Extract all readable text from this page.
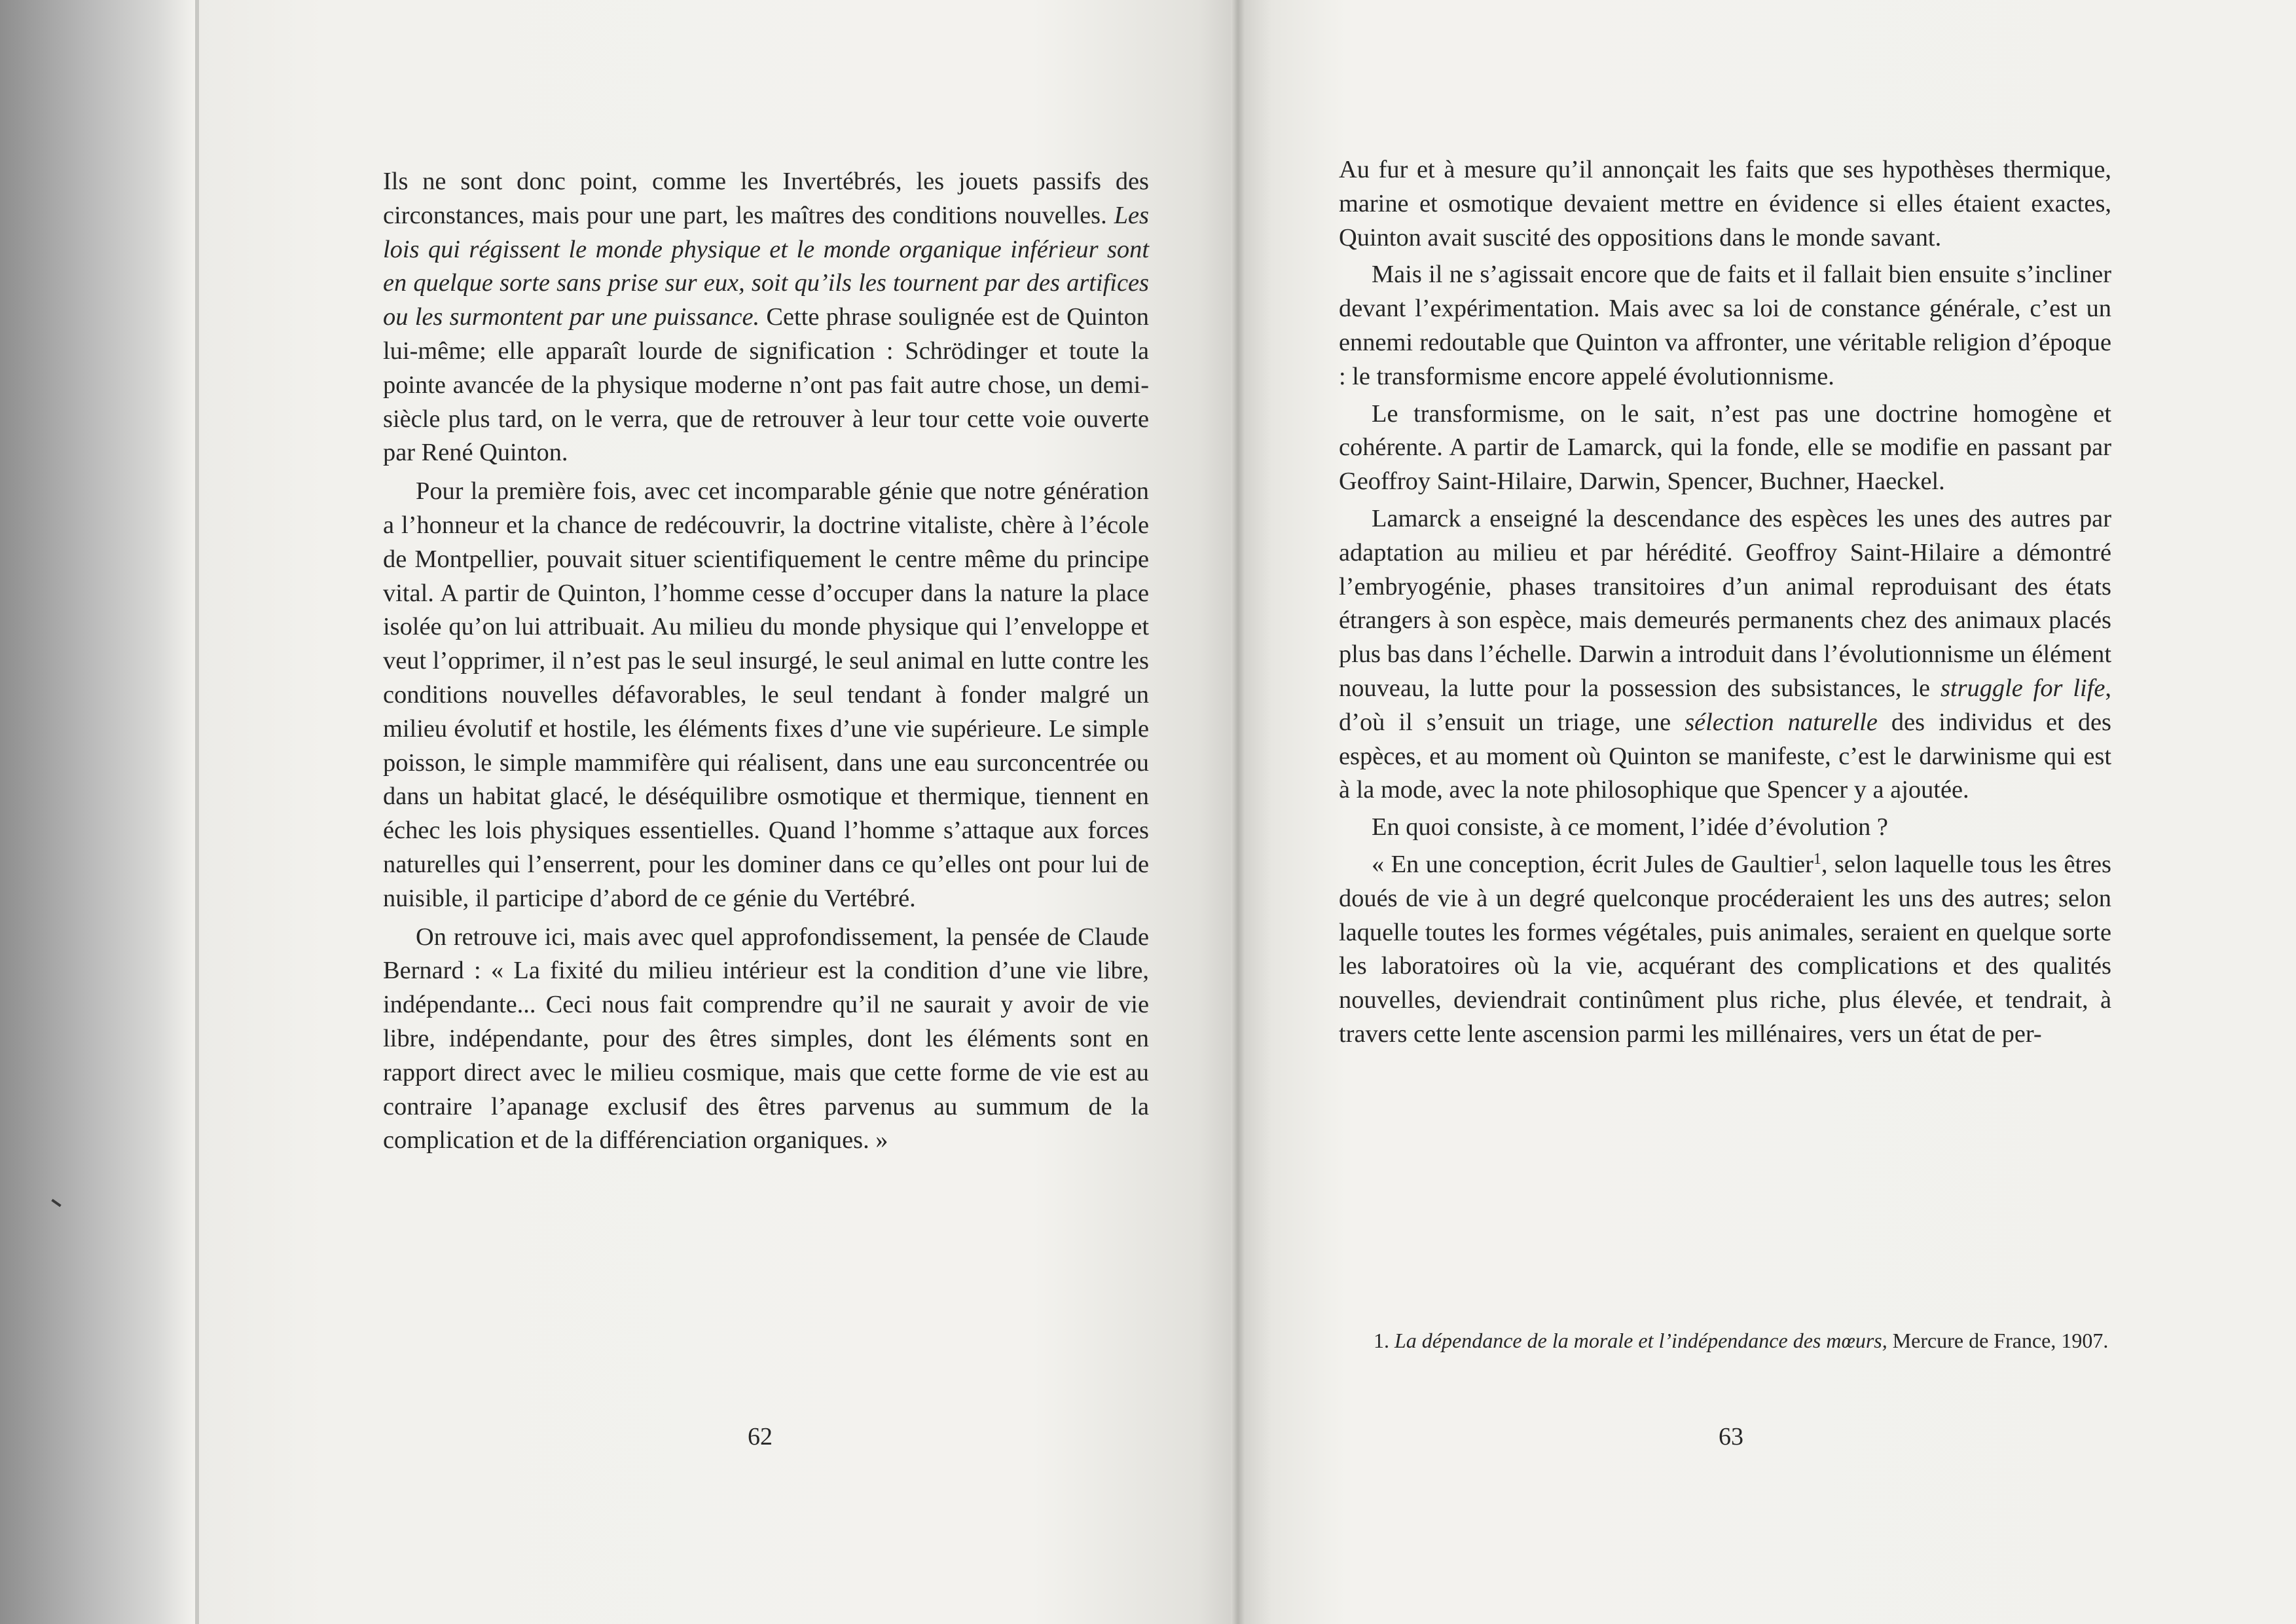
Ils ne sont donc point, comme les Invertébrés, les jouets passifs des circonstances, mais pour une part, les maîtres des conditions nouvelles. Les lois qui régissent le monde physique et le monde organique inférieur sont en quelque sorte sans prise sur eux, soit qu’ils les tournent par des artifices ou les surmontent par une puissance. Cette phrase soulignée est de Quinton lui-même; elle apparaît lourde de signification : Schrödinger et toute la pointe avancée de la physique moderne n’ont pas fait autre chose, un demi-siècle plus tard, on le verra, que de retrouver à leur tour cette voie ouverte par René Quinton.

Pour la première fois, avec cet incomparable génie que notre génération a l’honneur et la chance de redécouvrir, la doctrine vitaliste, chère à l’école de Montpellier, pouvait situer scientifiquement le centre même du principe vital. A partir de Quinton, l’homme cesse d’occuper dans la nature la place isolée qu’on lui attribuait. Au milieu du monde physique qui l’enveloppe et veut l’opprimer, il n’est pas le seul insurgé, le seul animal en lutte contre les conditions nouvelles défavorables, le seul tendant à fonder malgré un milieu évolutif et hostile, les éléments fixes d’une vie supérieure. Le simple poisson, le simple mammifère qui réalisent, dans une eau surconcentrée ou dans un habitat glacé, le déséquilibre osmotique et thermique, tiennent en échec les lois physiques essentielles. Quand l’homme s’attaque aux forces naturelles qui l’enserrent, pour les dominer dans ce qu’elles ont pour lui de nuisible, il participe d’abord de ce génie du Vertébré.

On retrouve ici, mais avec quel approfondissement, la pensée de Claude Bernard : « La fixité du milieu intérieur est la condition d’une vie libre, indépendante... Ceci nous fait comprendre qu’il ne saurait y avoir de vie libre, indépendante, pour des êtres simples, dont les éléments sont en rapport direct avec le milieu cosmique, mais que cette forme de vie est au contraire l’apanage exclusif des êtres parvenus au summum de la complication et de la différenciation organiques. »

62

Au fur et à mesure qu’il annonçait les faits que ses hypothèses thermique, marine et osmotique devaient mettre en évidence si elles étaient exactes, Quinton avait suscité des oppositions dans le monde savant.

Mais il ne s’agissait encore que de faits et il fallait bien ensuite s’incliner devant l’expérimentation. Mais avec sa loi de constance générale, c’est un ennemi redoutable que Quinton va affronter, une véritable religion d’époque : le transformisme encore appelé évolutionnisme.

Le transformisme, on le sait, n’est pas une doctrine homogène et cohérente. A partir de Lamarck, qui la fonde, elle se modifie en passant par Geoffroy Saint-Hilaire, Darwin, Spencer, Buchner, Haeckel.

Lamarck a enseigné la descendance des espèces les unes des autres par adaptation au milieu et par hérédité. Geoffroy Saint-Hilaire a démontré l’embryogénie, phases transitoires d’un animal reproduisant des états étrangers à son espèce, mais demeurés permanents chez des animaux placés plus bas dans l’échelle. Darwin a introduit dans l’évolutionnisme un élément nouveau, la lutte pour la possession des subsistances, le struggle for life, d’où il s’ensuit un triage, une sélection naturelle des individus et des espèces, et au moment où Quinton se manifeste, c’est le darwinisme qui est à la mode, avec la note philosophique que Spencer y a ajoutée.

En quoi consiste, à ce moment, l’idée d’évolution ?

« En une conception, écrit Jules de Gaultier$^1$, selon laquelle tous les êtres doués de vie à un degré quelconque procéderaient les uns des autres; selon laquelle toutes les formes végétales, puis animales, seraient en quelque sorte les laboratoires où la vie, acquérant des complications et des qualités nouvelles, deviendrait continûment plus riche, plus élevée, et tendrait, à travers cette lente ascension parmi les millénaires, vers un état de per-

1. La dépendance de la morale et l’indépendance des mœurs, Mercure de France, 1907.
63
